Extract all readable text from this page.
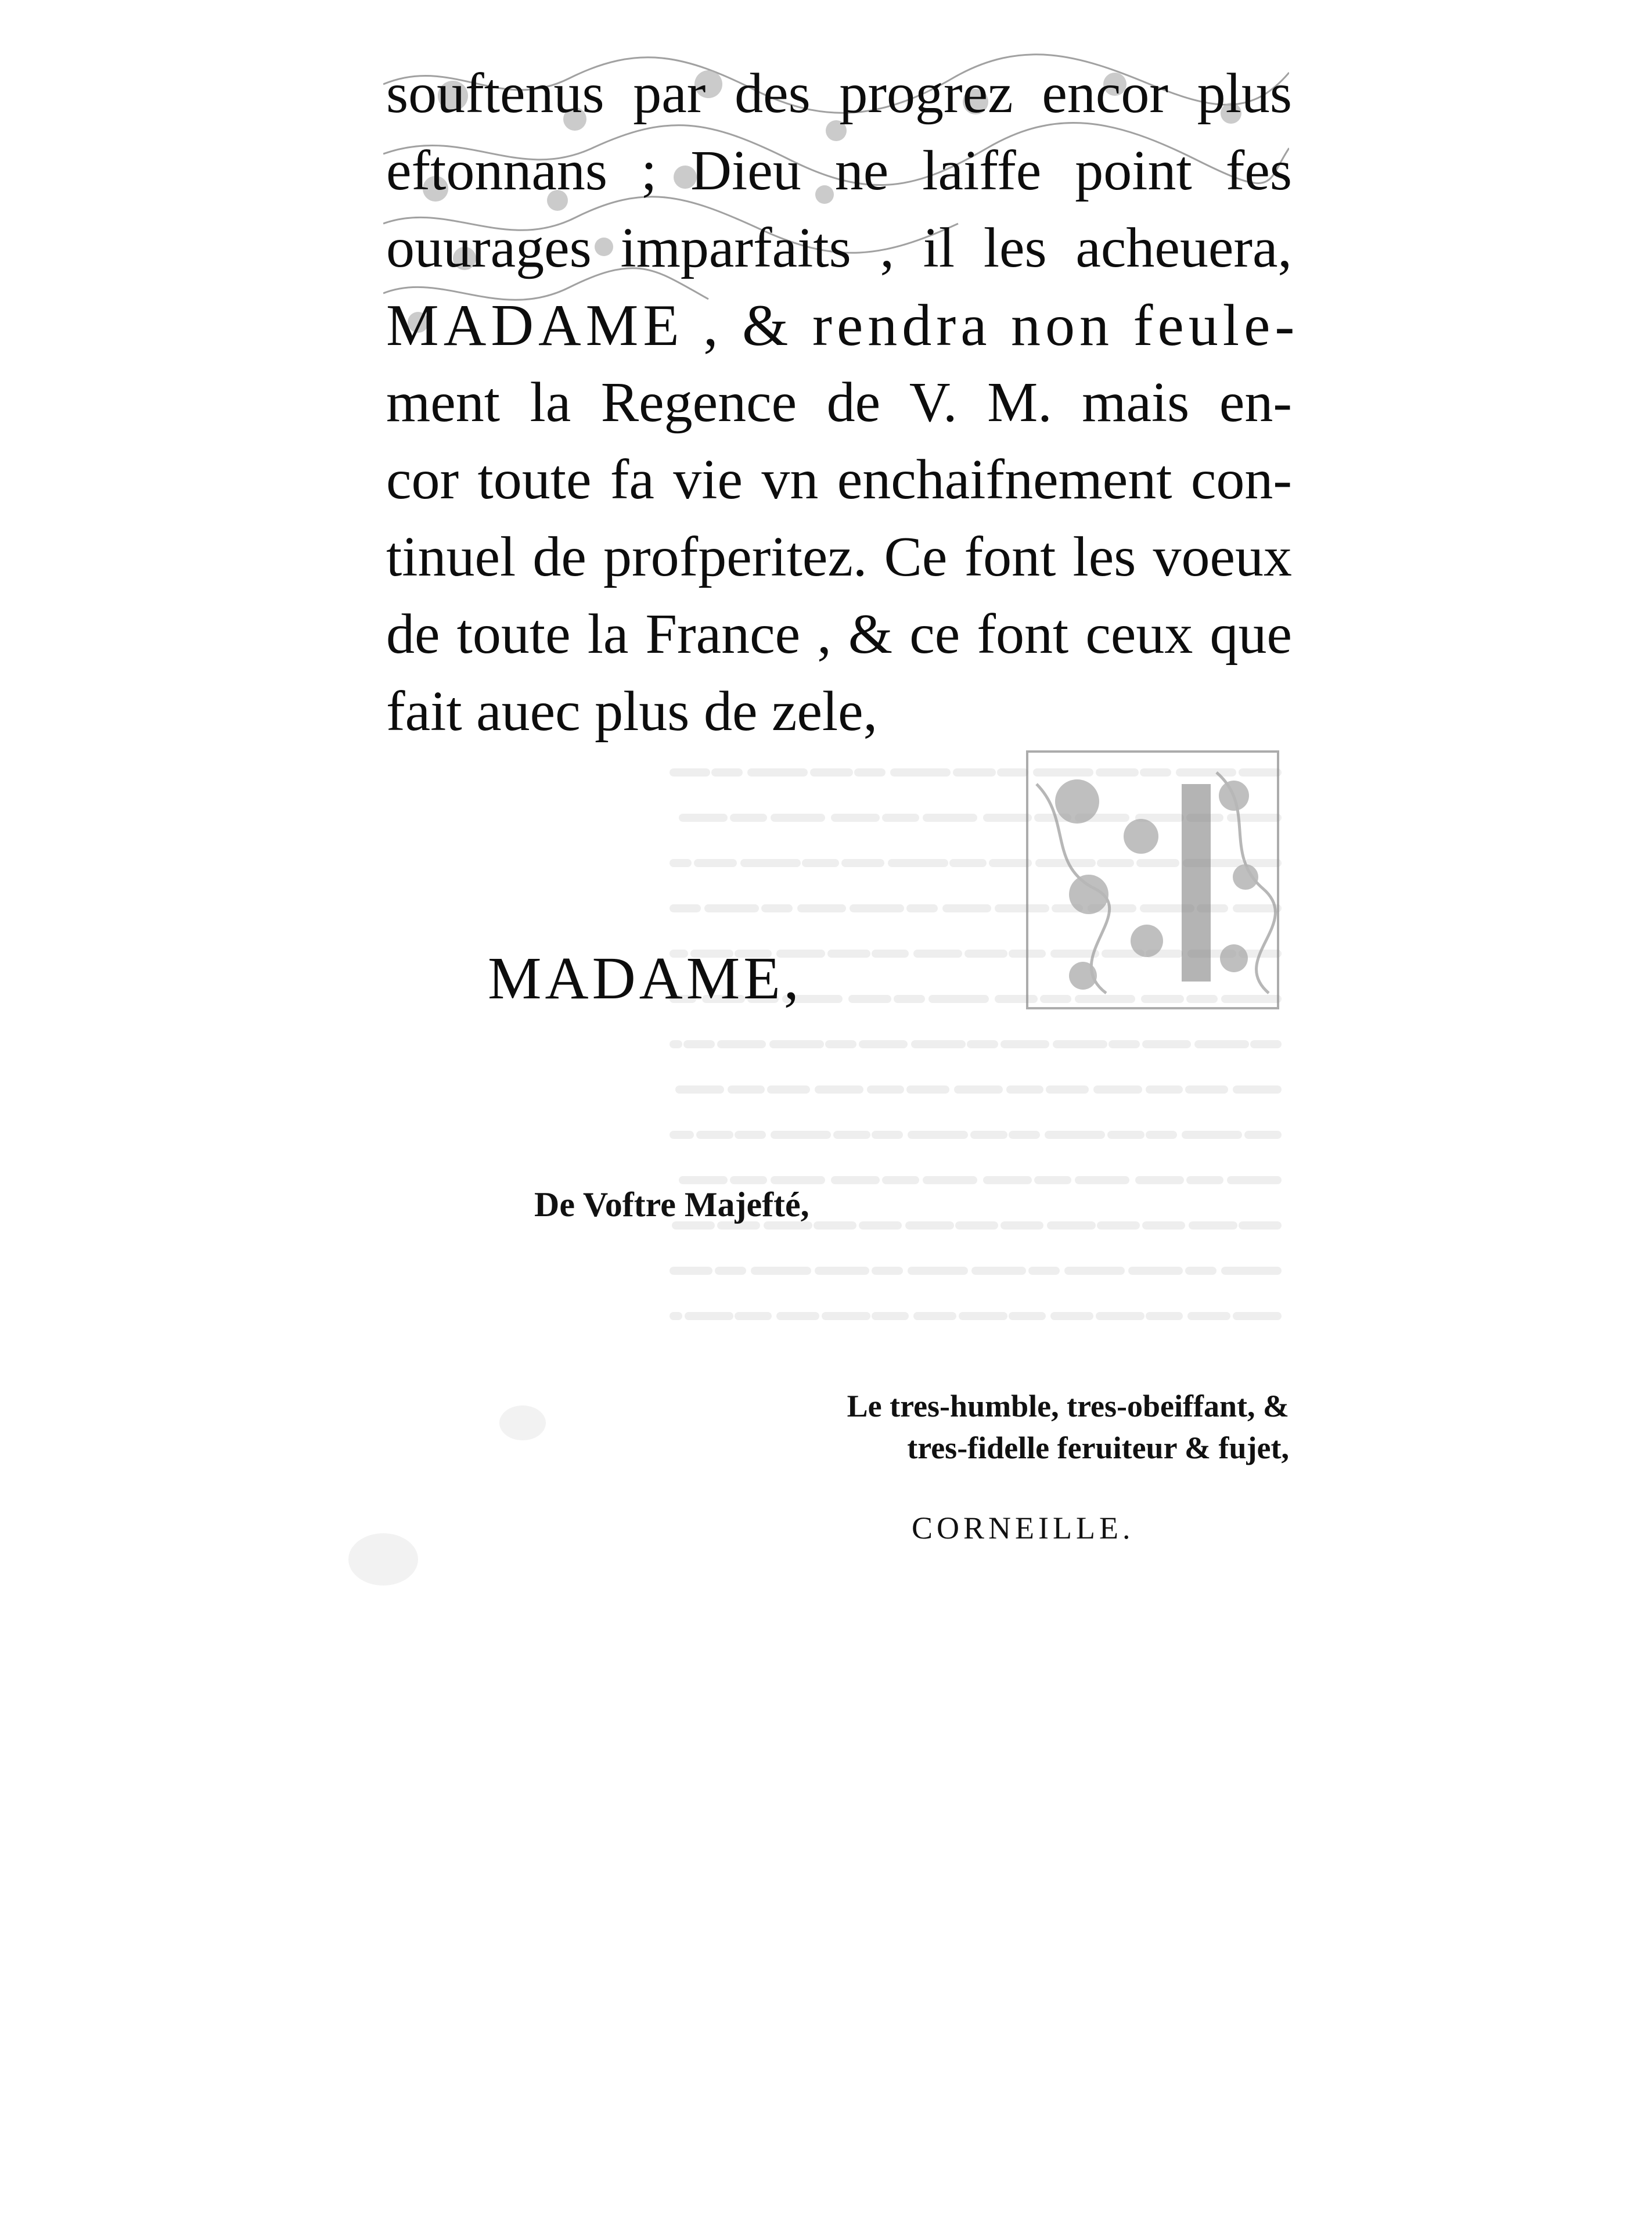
souftenus par des progrez encor plus
eftonnans ; Dieu ne laiffe point fes
ouurages imparfaits , il les acheuera,
MADAME , & rendra non feule-
ment la Regence de V. M. mais en-
cor toute fa vie vn enchaifnement con-
tinuel de profperitez. Ce font les voeux
de toute la France , & ce font ceux que
fait auec plus de zele,
MADAME,
De Voftre Majefté,
Le tres-humble, tres-obeiffant, &
tres-fidelle feruiteur & fujet,
CORNEILLE.
